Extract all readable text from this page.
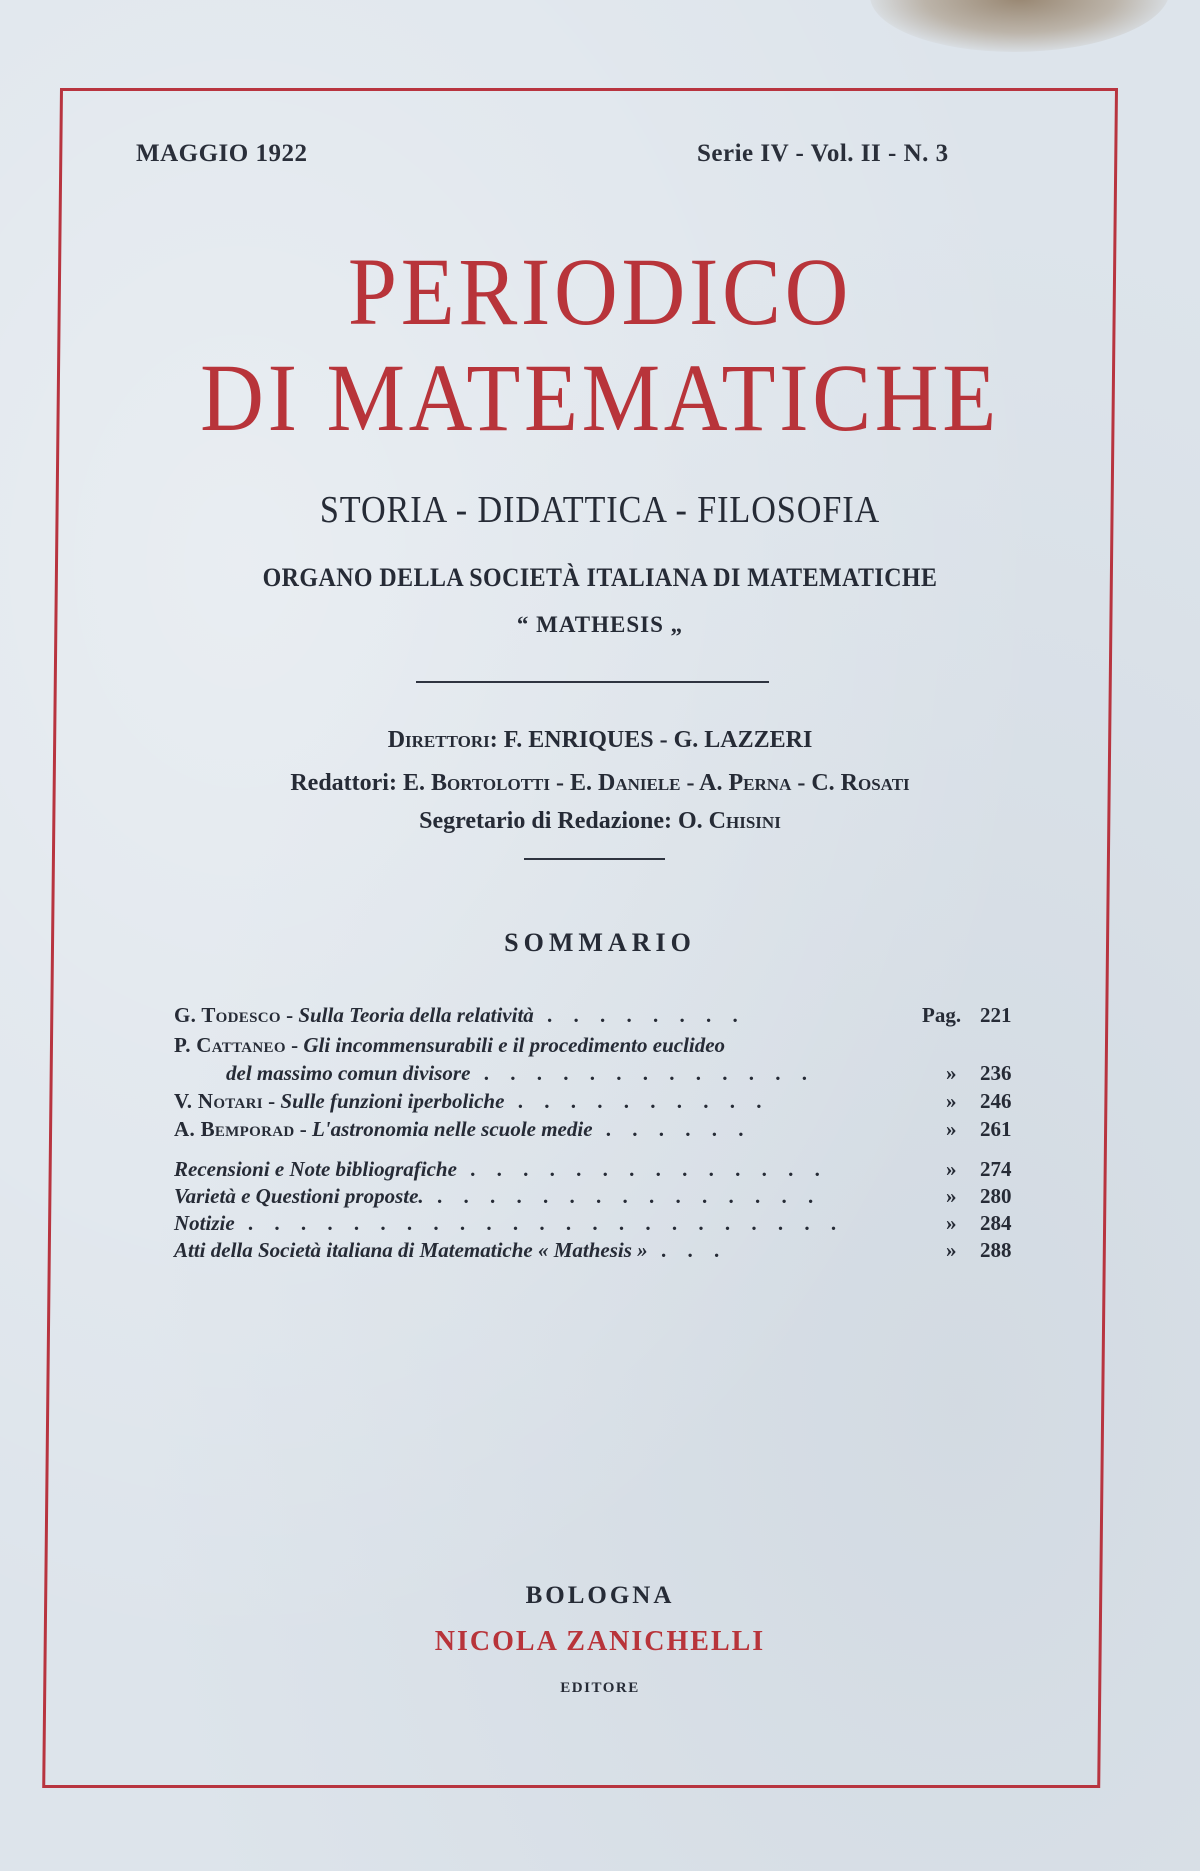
MAGGIO 1922	Serie IV - Vol. II - N. 3
PERIODICO
DI MATEMATICHE
STORIA - DIDATTICA - FILOSOFIA
ORGANO DELLA SOCIETÀ ITALIANA DI MATEMATICHE
“ MATHESIS „
Direttori: F. ENRIQUES - G. LAZZERI
Redattori: E. Bortolotti - E. Daniele - A. Perna - C. Rosati
Segretario di Redazione: O. Chisini
SOMMARIO
G. Todesco - Sulla Teoria della relatività . . . . . . . .	Pag. 221
P. Cattaneo - Gli incommensurabili e il procedimento euclideo
del massimo comun divisore . . . . . . . . . . . . .	» 236
V. Notari - Sulle funzioni iperboliche . . . . . . . . . .	» 246
A. Bemporad - L'astronomia nelle scuole medie . . . . . .	» 261
Recensioni e Note bibliografiche . . . . . . . . . . . . . .	» 274
Varietà e Questioni proposte. . . . . . . . . . . . . . . .	» 280
Notizie . . . . . . . . . . . . . . . . . . . . . . .	» 284
Atti della Società italiana di Matematiche « Mathesis » . . .	» 288
BOLOGNA
NICOLA ZANICHELLI
EDITORE
